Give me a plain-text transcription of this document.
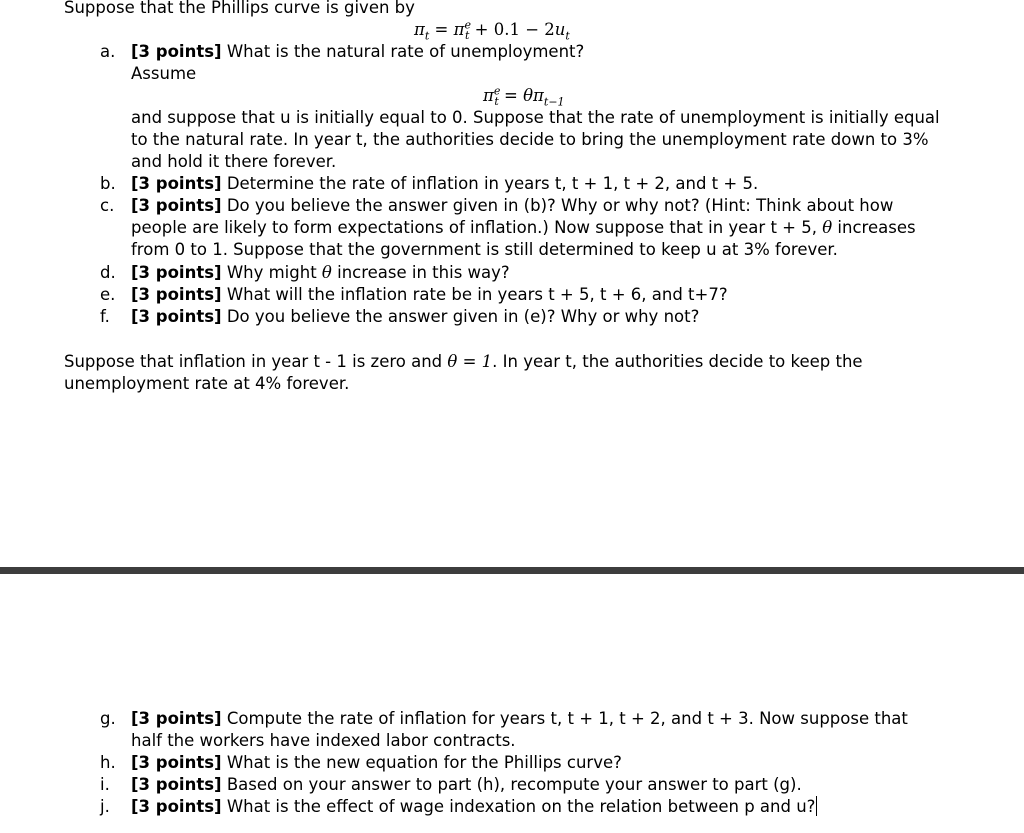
Suppose that the Phillips curve is given by
$\pi_t = \pi^e_t + 0.1 - 2u_t$
a. [3 points] What is the natural rate of unemployment?
Assume
$\pi^e_t = \theta\pi_{t-1}$
and suppose that u is initially equal to 0. Suppose that the rate of unemployment is initially equal
to the natural rate. In year t, the authorities decide to bring the unemployment rate down to 3%
and hold it there forever.
b. [3 points] Determine the rate of inflation in years t, t + 1, t + 2, and t + 5.
c. [3 points] Do you believe the answer given in (b)? Why or why not? (Hint: Think about how
people are likely to form expectations of inflation.) Now suppose that in year t + 5, θ increases
from 0 to 1. Suppose that the government is still determined to keep u at 3% forever.
d. [3 points] Why might θ increase in this way?
e. [3 points] What will the inflation rate be in years t + 5, t + 6, and t+7?
f. [3 points] Do you believe the answer given in (e)? Why or why not?
Suppose that inflation in year t - 1 is zero and θ = 1. In year t, the authorities decide to keep the
unemployment rate at 4% forever.
g. [3 points] Compute the rate of inflation for years t, t + 1, t + 2, and t + 3. Now suppose that
half the workers have indexed labor contracts.
h. [3 points] What is the new equation for the Phillips curve?
i. [3 points] Based on your answer to part (h), recompute your answer to part (g).
j. [3 points] What is the effect of wage indexation on the relation between p and u?
